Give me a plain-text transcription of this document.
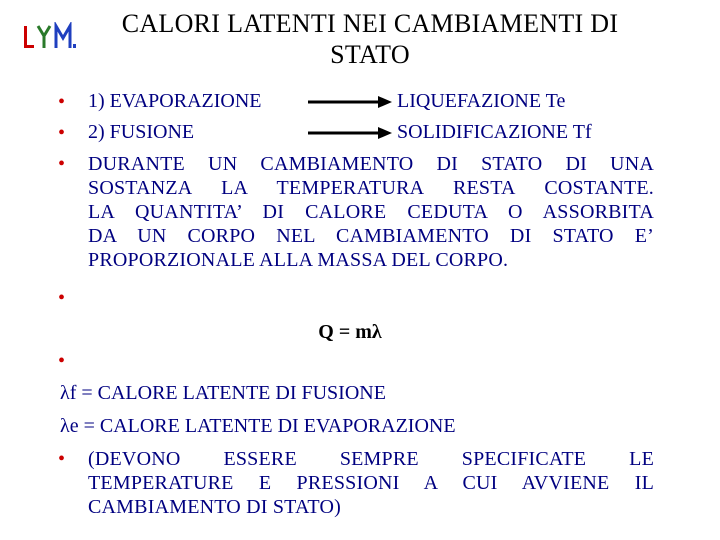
CALORI LATENTI NEI CAMBIAMENTI DI
STATO
• 1) EVAPORAZIONE	LIQUEFAZIONE Te
• 2) FUSIONE	SOLIDIFICAZIONE Tf
• DURANTE UN CAMBIAMENTO DI STATO DI UNA
SOSTANZA LA TEMPERATURA RESTA COSTANTE.
LA QUANTITA’ DI CALORE CEDUTA O ASSORBITA
DA UN CORPO NEL CAMBIAMENTO DI STATO E’
PROPORZIONALE ALLA MASSA DEL CORPO.
•
Q = mλ
•
λf = CALORE LATENTE DI FUSIONE
λe = CALORE LATENTE DI EVAPORAZIONE
• (DEVONO ESSERE SEMPRE SPECIFICATE LE
TEMPERATURE E PRESSIONI A CUI AVVIENE IL
CAMBIAMENTO DI STATO)
